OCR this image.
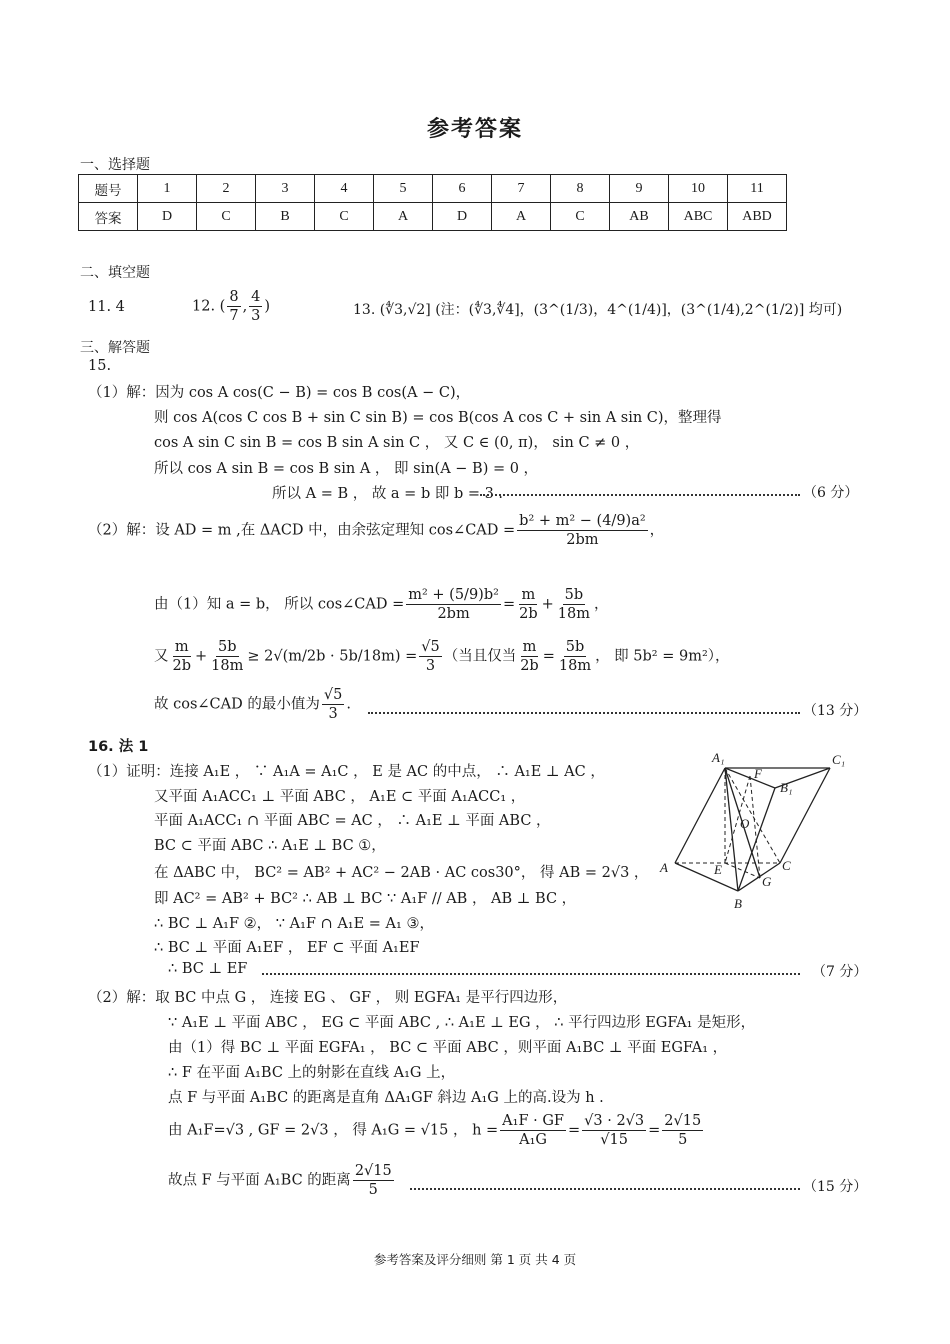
参考答案
一、选择题
题号	1	2	3	4	5	6	7	8	9	10	11
答案	D	C	B	C	A	D	A	C	AB	ABC	ABD
二、填空题
11. 4	12. ( $\frac{8}{7}$ , $\frac{4}{3}$ )	13. (∜3,√2] (注：(∜3,∜4]，(3^(1/3)，4^(1/4)]，(3^(1/4),2^(1/2)] 均可)
三、解答题
15.
（1）解：因为 cos A cos(C − B) = cos B cos(A − C)，
则 cos A(cos C cos B + sin C sin B) = cos B(cos A cos C + sin A sin C)，整理得
cos A sin C sin B = cos B sin A sin C ， 又 C ∈ (0, π)， sin C ≠ 0 ，
所以 cos A sin B = cos B sin A ， 即 sin(A − B) = 0 ，
所以 A = B ， 故 a = b 即 b = 3 .	（6 分）
（2）解：设 AD = m ,在 ΔACD 中，由余弦定理知 cos∠CAD = $\frac{\text{b² + m² − (4/9)a²}}{2bm}$ ，
由（1）知 a = b， 所以 cos∠CAD = $\frac{\text{m² + (5/9)b²}}{2bm} = \frac{m}{2b} + \frac{5b}{18m}$ ，
又 $\frac{m}{2b} + \frac{5b}{18m} \ge 2√(m/2b \cdot 5b/18m) = \frac{√5}{3}$ （当且仅当 $\frac{m}{2b} = \frac{5b}{18m}$ ， 即 5b² = 9m²），
故 cos∠CAD 的最小值为 $\frac{√5}{3}$ .	（13 分）
16. 法 1
（1）证明：连接 A₁E ， ∵ A₁A = A₁C ， E 是 AC 的中点， ∴ A₁E ⊥ AC ，
又平面 A₁ACC₁ ⊥ 平面 ABC ， A₁E ⊂ 平面 A₁ACC₁ ，
平面 A₁ACC₁ ∩ 平面 ABC = AC ， ∴ A₁E ⊥ 平面 ABC ，
BC ⊂ 平面 ABC ∴ A₁E ⊥ BC ①，
在 ΔABC 中， BC² = AB² + AC² − 2AB · AC cos30°， 得 AB = 2√3 ，
即 AC² = AB² + BC² ∴ AB ⊥ BC ∵ A₁F // AB ， AB ⊥ BC ，
∴ BC ⊥ A₁F ②， ∵ A₁F ∩ A₁E = A₁ ③，
∴ BC ⊥ 平面 A₁EF ， EF ⊂ 平面 A₁EF
∴ BC ⊥ EF	（7 分）
（2）解：取 BC 中点 G ， 连接 EG 、 GF ， 则 EGFA₁ 是平行四边形，
∵ A₁E ⊥ 平面 ABC ， EG ⊂ 平面 ABC , ∴ A₁E ⊥ EG ， ∴ 平行四边形 EGFA₁ 是矩形，
由（1）得 BC ⊥ 平面 EGFA₁ ， BC ⊂ 平面 ABC ，则平面 A₁BC ⊥ 平面 EGFA₁ ，
∴ F 在平面 A₁BC 上的射影在直线 A₁G 上，
点 F 与平面 A₁BC 的距离是直角 ΔA₁GF 斜边 A₁G 上的高.设为 h .
由 A₁F=√3 , GF = 2√3 ， 得 A₁G = √15 ， $h = \frac{\text{A₁F · GF}}{\text{A₁G}} = \frac{√3 \cdot 2√3}{√15} = \frac{2√15}{5}$
故点 F 与平面 A₁BC 的距离 $\frac{2√15}{5}$	（15 分）
A₁	C₁
F
B₁
O
A	E	C
G
B
参考答案及评分细则 第 1 页 共 4 页
